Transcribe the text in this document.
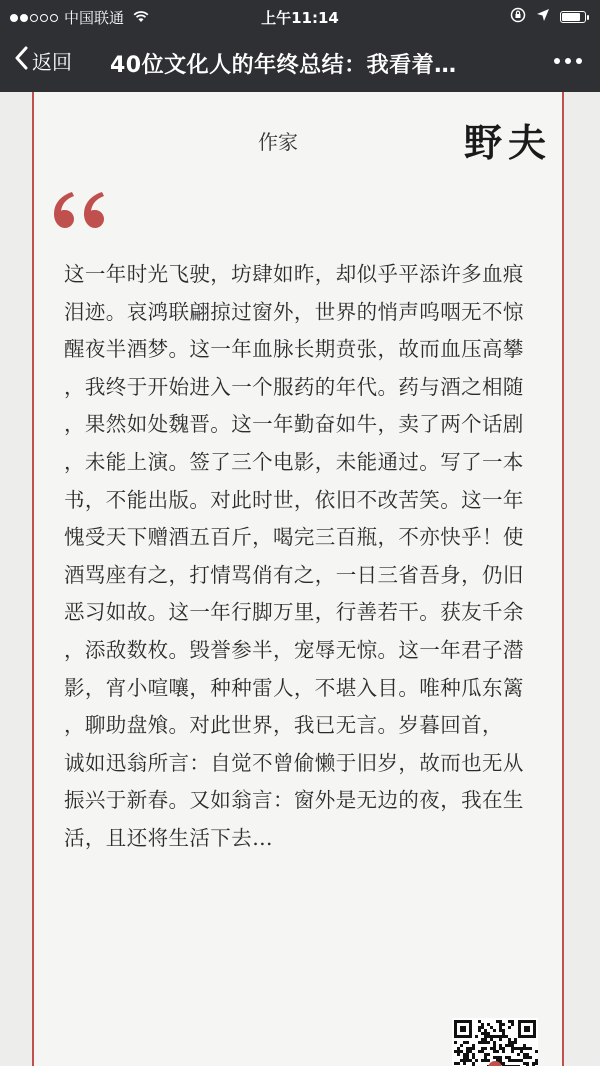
中国联通	上午11:14
返回 40位文化人的年终总结：我看着…
作家	野夫
这一年时光飞驶，坊肆如昨，却似乎平添许多血痕
泪迹。哀鸿联翩掠过窗外，世界的悄声呜咽无不惊
醒夜半酒梦。这一年血脉长期贲张，故而血压高攀
，我终于开始进入一个服药的年代。药与酒之相随
，果然如处魏晋。这一年勤奋如牛，卖了两个话剧
，未能上演。签了三个电影，未能通过。写了一本
书，不能出版。对此时世，依旧不改苦笑。这一年
愧受天下赠酒五百斤，喝完三百瓶，不亦快乎！使
酒骂座有之，打情骂俏有之，一日三省吾身，仍旧
恶习如故。这一年行脚万里，行善若干。获友千余
，添敌数枚。毁誉参半，宠辱无惊。这一年君子潜
影，宵小喧嚷，种种雷人，不堪入目。唯种瓜东篱
，聊助盘飧。对此世界，我已无言。岁暮回首，
诚如迅翁所言：自觉不曾偷懒于旧岁，故而也无从
振兴于新春。又如翁言：窗外是无边的夜，我在生
活，且还将生活下去…
